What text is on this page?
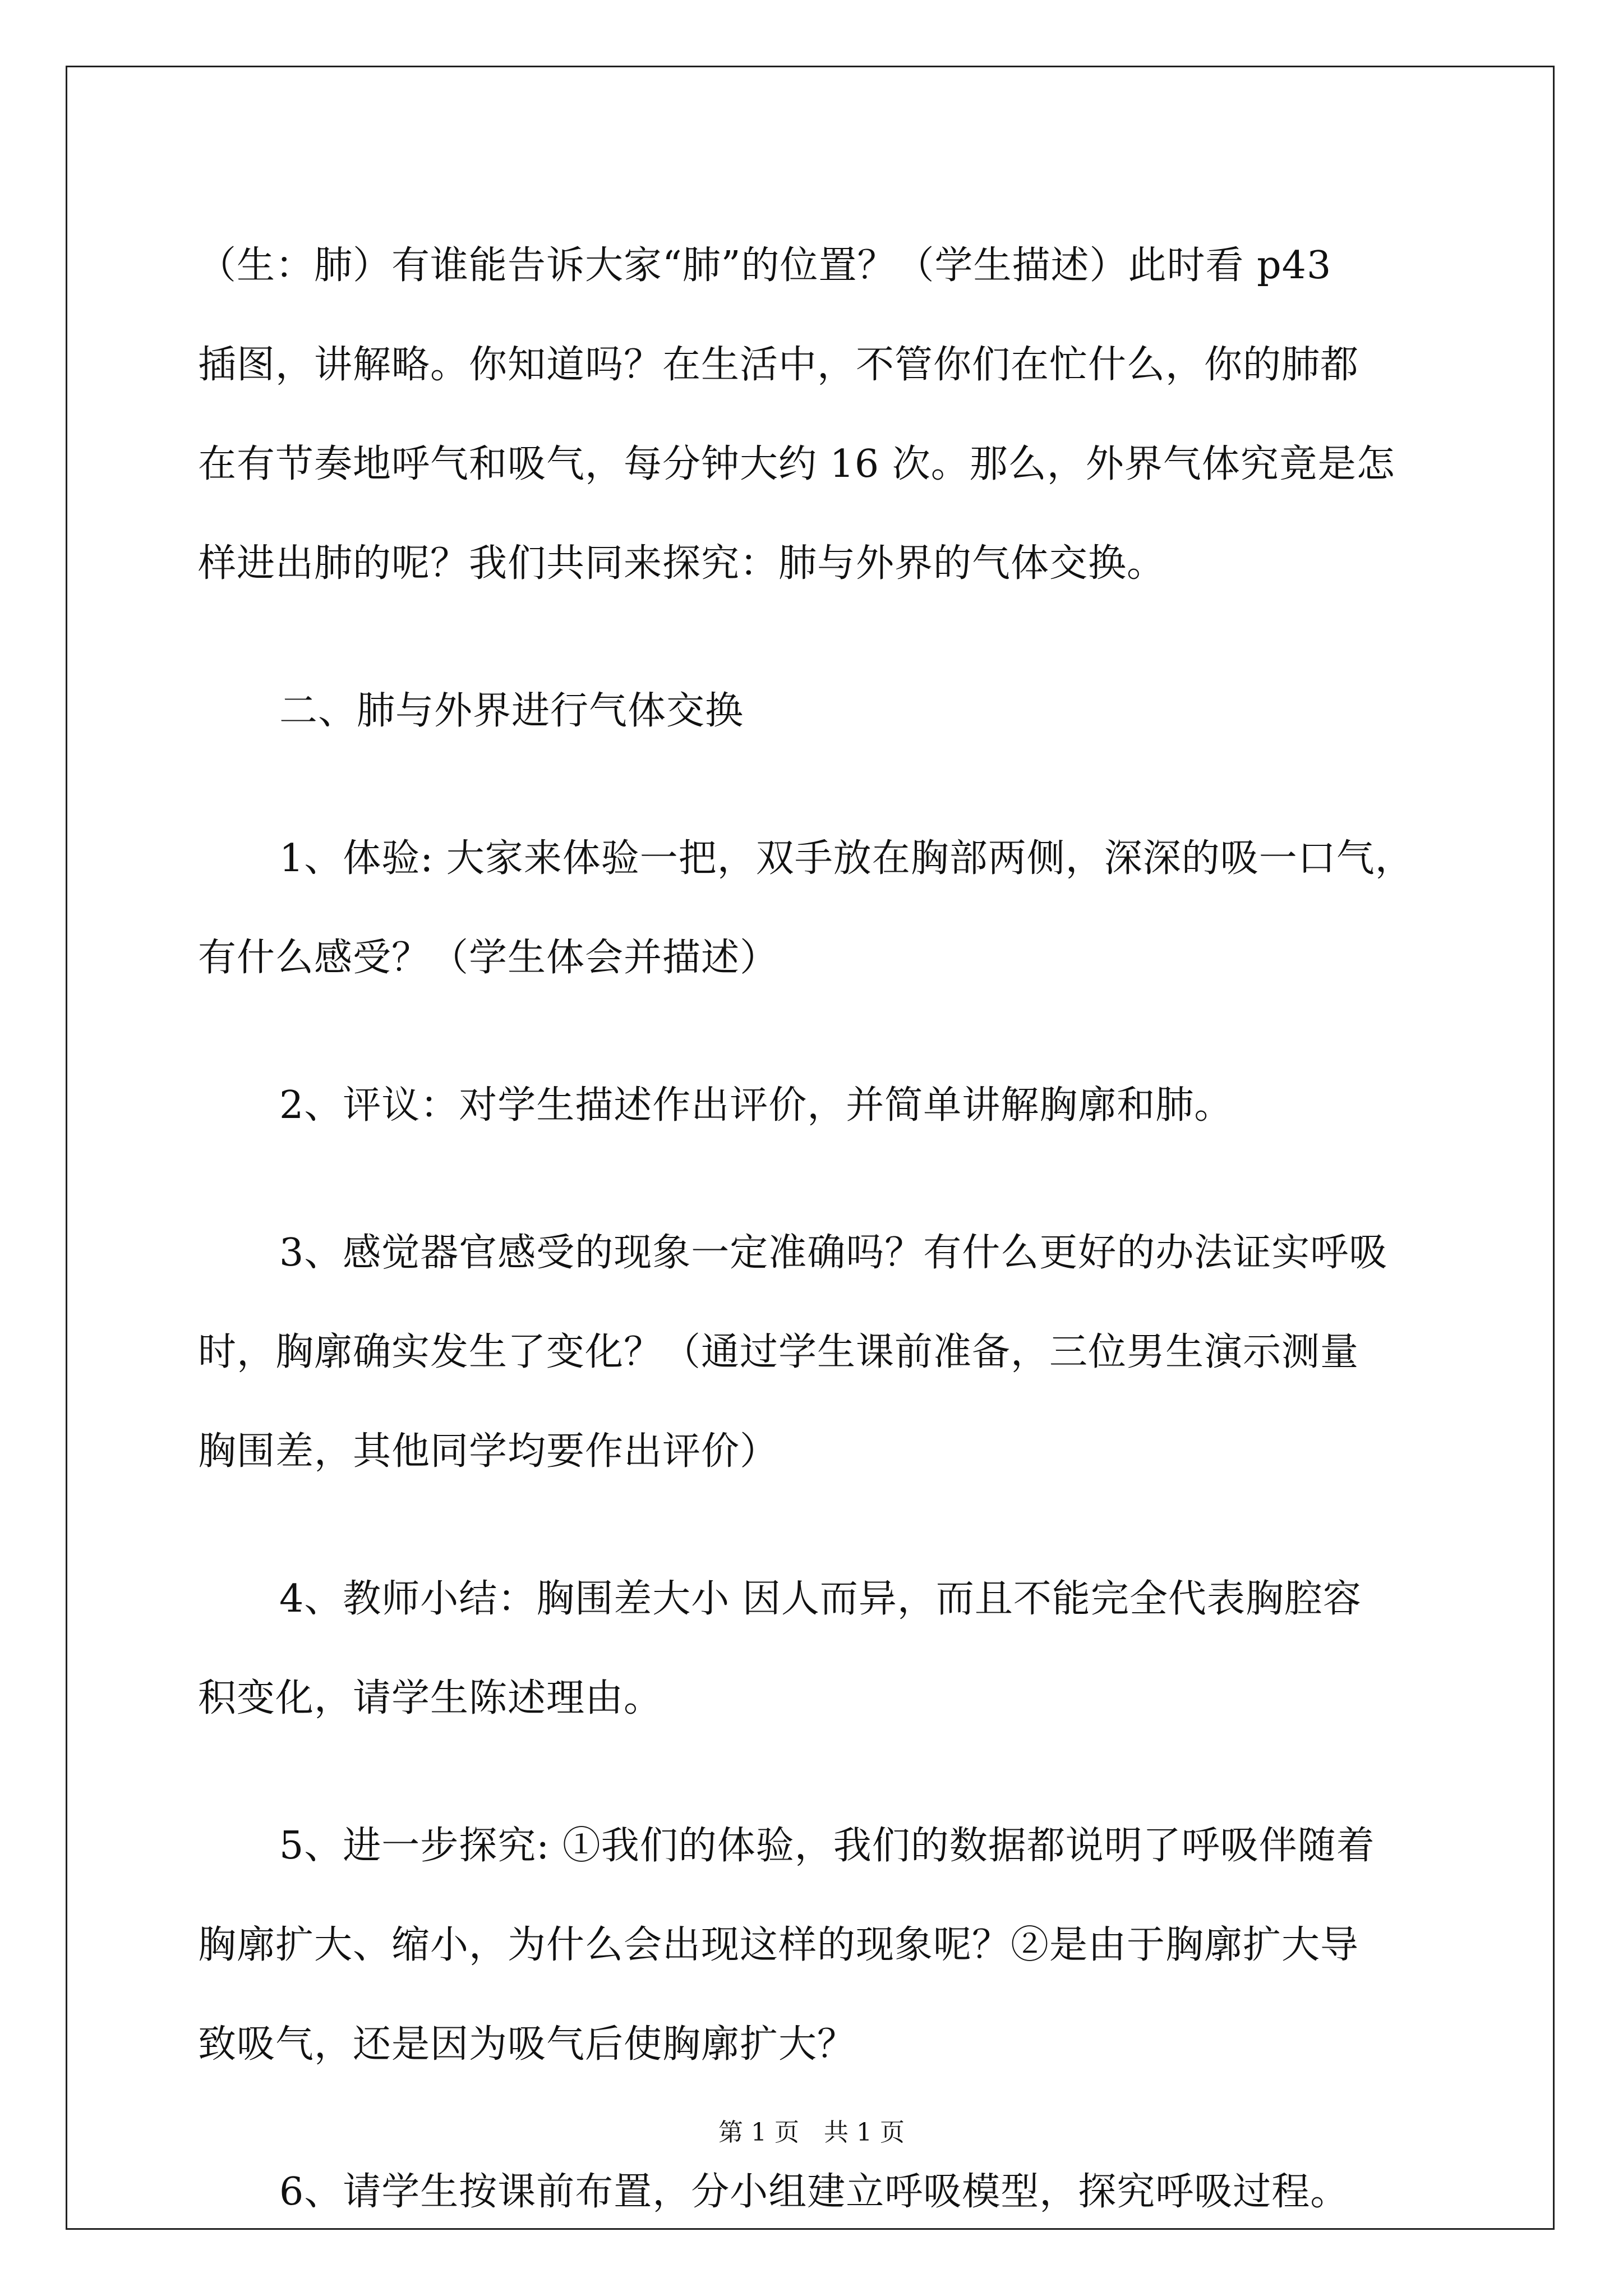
（生：肺）有谁能告诉大家“肺”的位置？（学生描述）此时看 p43
插图，讲解略。你知道吗？在生活中，不管你们在忙什么，你的肺都
在有节奏地呼气和吸气，每分钟大约 16 次。那么，外界气体究竟是怎
样进出肺的呢？我们共同来探究：肺与外界的气体交换。

二、肺与外界进行气体交换

1、体验: 大家来体验一把，双手放在胸部两侧，深深的吸一口气，
有什么感受？（学生体会并描述）

2、评议：对学生描述作出评价，并简单讲解胸廓和肺。

3、感觉器官感受的现象一定准确吗？有什么更好的办法证实呼吸
时，胸廓确实发生了变化？（通过学生课前准备，三位男生演示测量
胸围差，其他同学均要作出评价）

4、教师小结：胸围差大小 因人而异，而且不能完全代表胸腔容
积变化，请学生陈述理由。

5、进一步探究: ①我们的体验，我们的数据都说明了呼吸伴随着
胸廓扩大、缩小，为什么会出现这样的现象呢？②是由于胸廓扩大导
致吸气，还是因为吸气后使胸廓扩大？

6、请学生按课前布置，分小组建立呼吸模型，探究呼吸过程。

第 1 页　共 1 页
